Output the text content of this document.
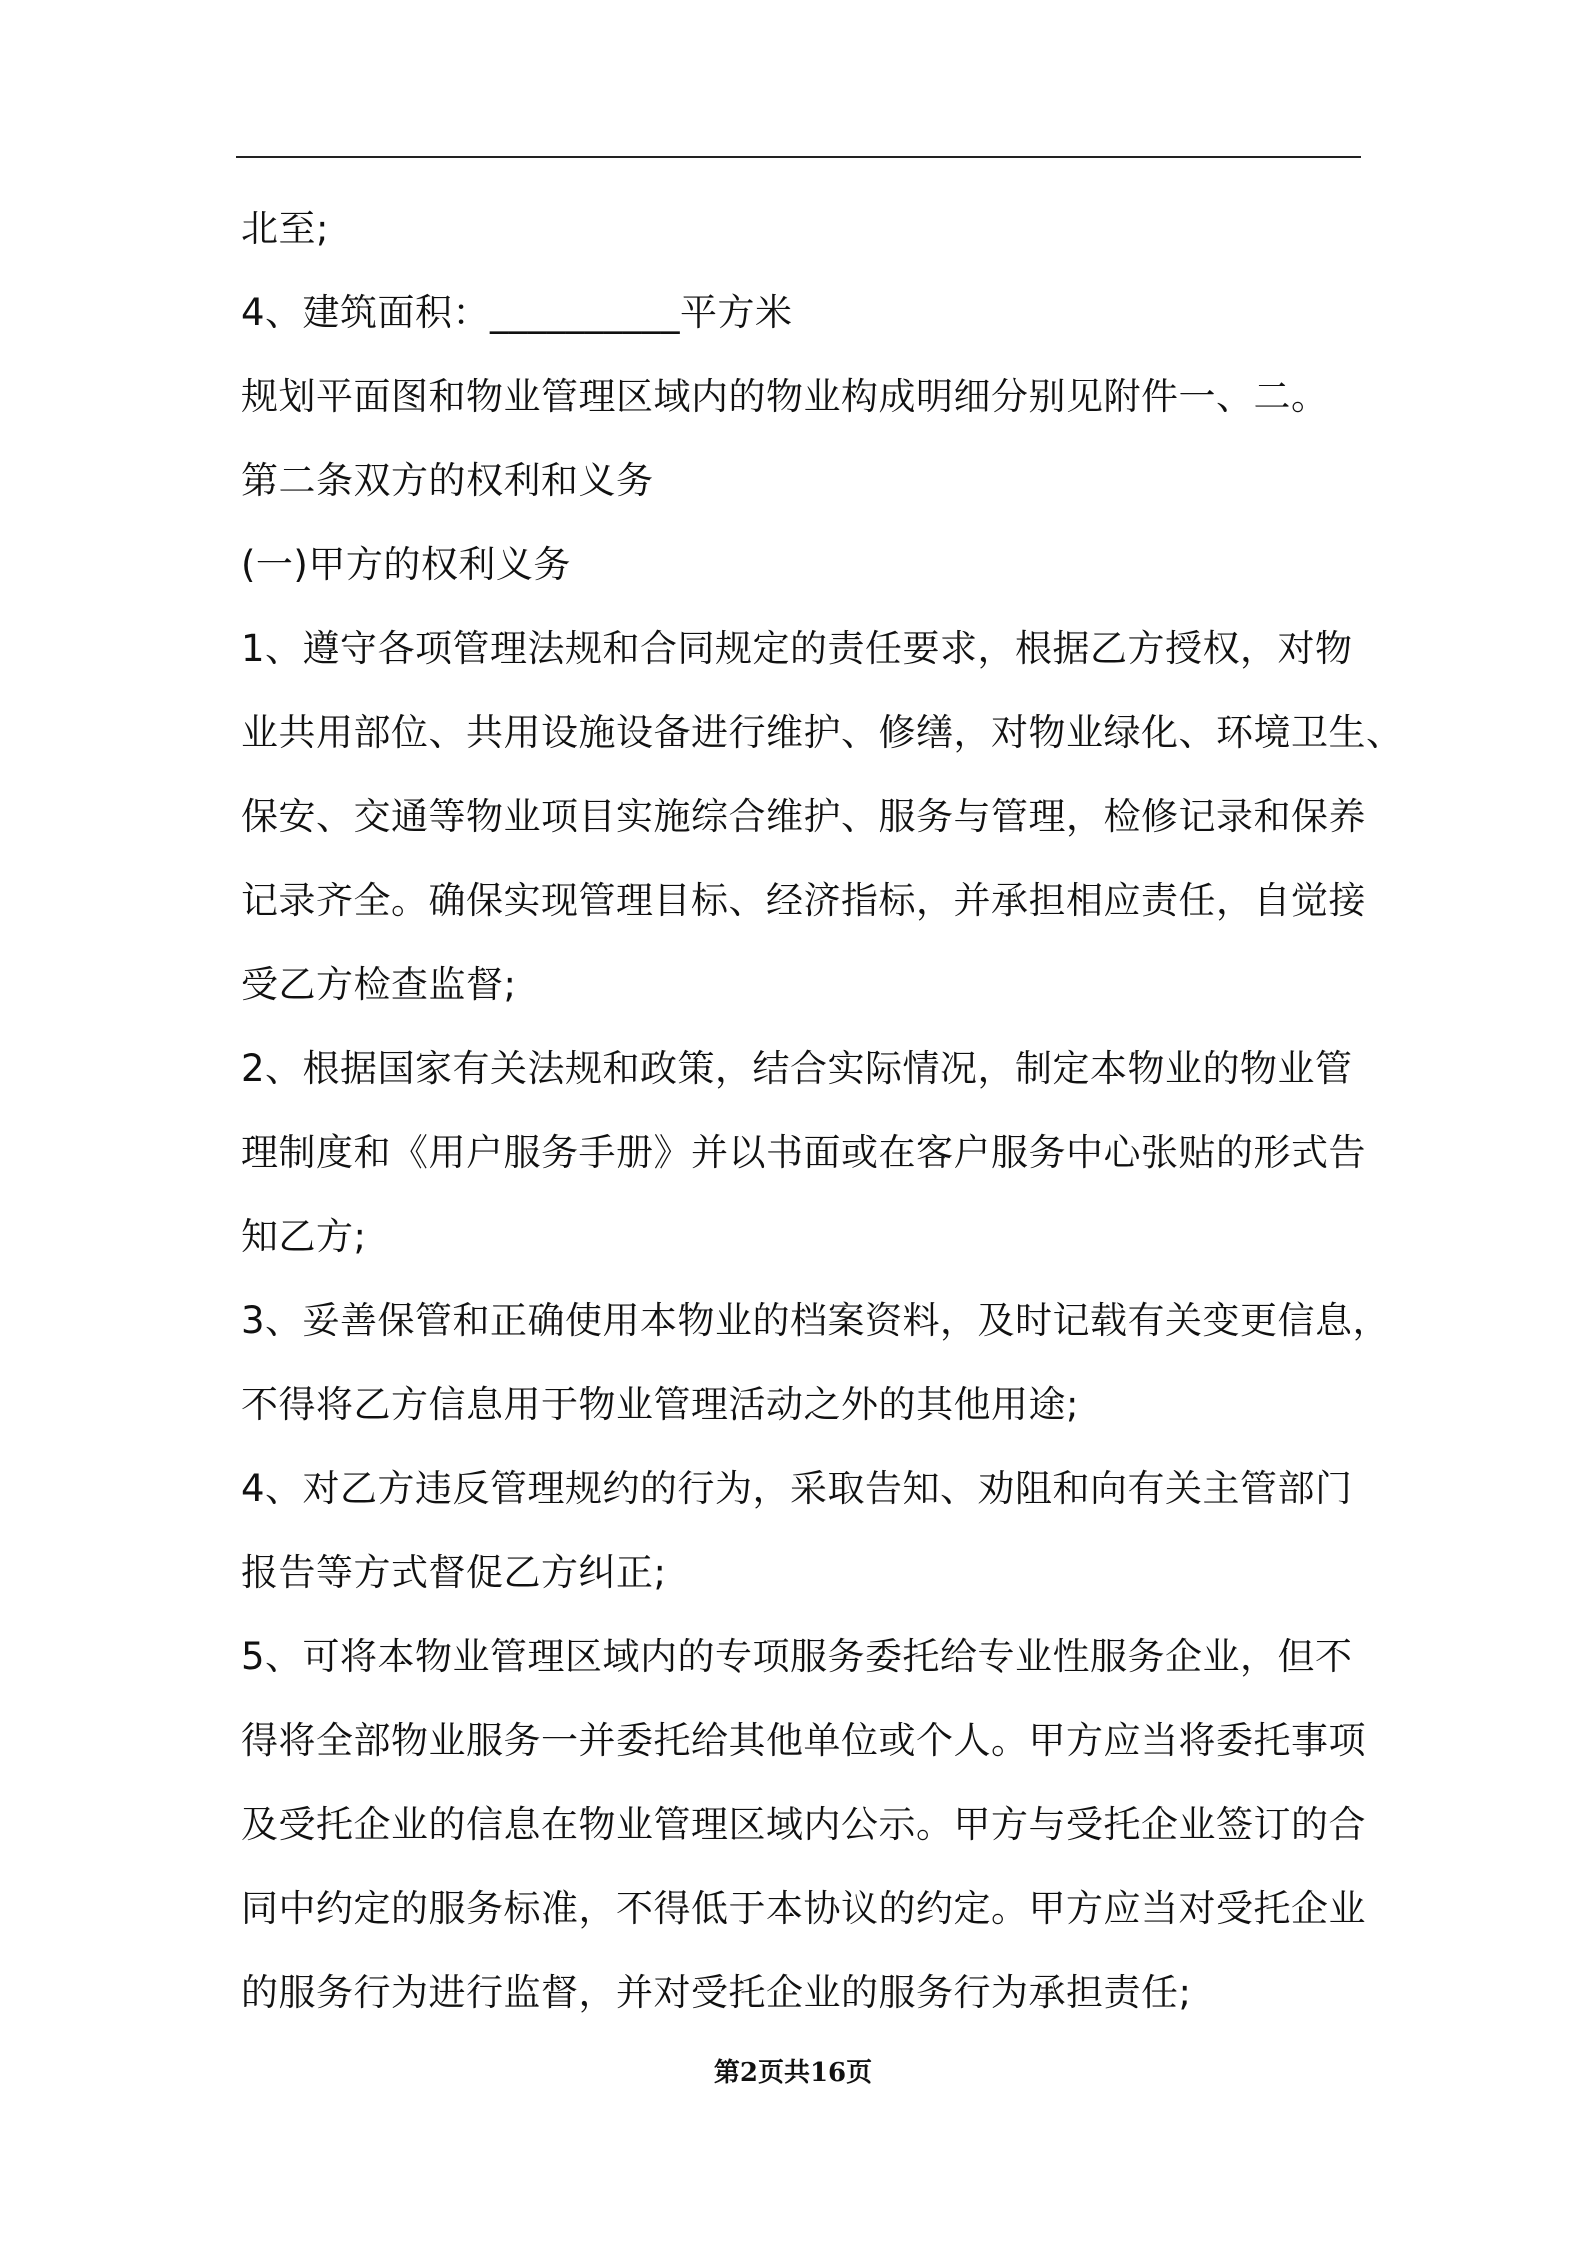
北至;
4、建筑面积：__________平方米
规划平面图和物业管理区域内的物业构成明细分别见附件一、二。
第二条双方的权利和义务
(一)甲方的权利义务
1、遵守各项管理法规和合同规定的责任要求，根据乙方授权，对物
业共用部位、共用设施设备进行维护、修缮，对物业绿化、环境卫生、
保安、交通等物业项目实施综合维护、服务与管理，检修记录和保养
记录齐全。确保实现管理目标、经济指标，并承担相应责任，自觉接
受乙方检查监督;
2、根据国家有关法规和政策，结合实际情况，制定本物业的物业管
理制度和《用户服务手册》并以书面或在客户服务中心张贴的形式告
知乙方;
3、妥善保管和正确使用本物业的档案资料，及时记载有关变更信息，
不得将乙方信息用于物业管理活动之外的其他用途;
4、对乙方违反管理规约的行为，采取告知、劝阻和向有关主管部门
报告等方式督促乙方纠正;
5、可将本物业管理区域内的专项服务委托给专业性服务企业，但不
得将全部物业服务一并委托给其他单位或个人。甲方应当将委托事项
及受托企业的信息在物业管理区域内公示。甲方与受托企业签订的合
同中约定的服务标准，不得低于本协议的约定。甲方应当对受托企业
的服务行为进行监督，并对受托企业的服务行为承担责任;
第2页共16页
